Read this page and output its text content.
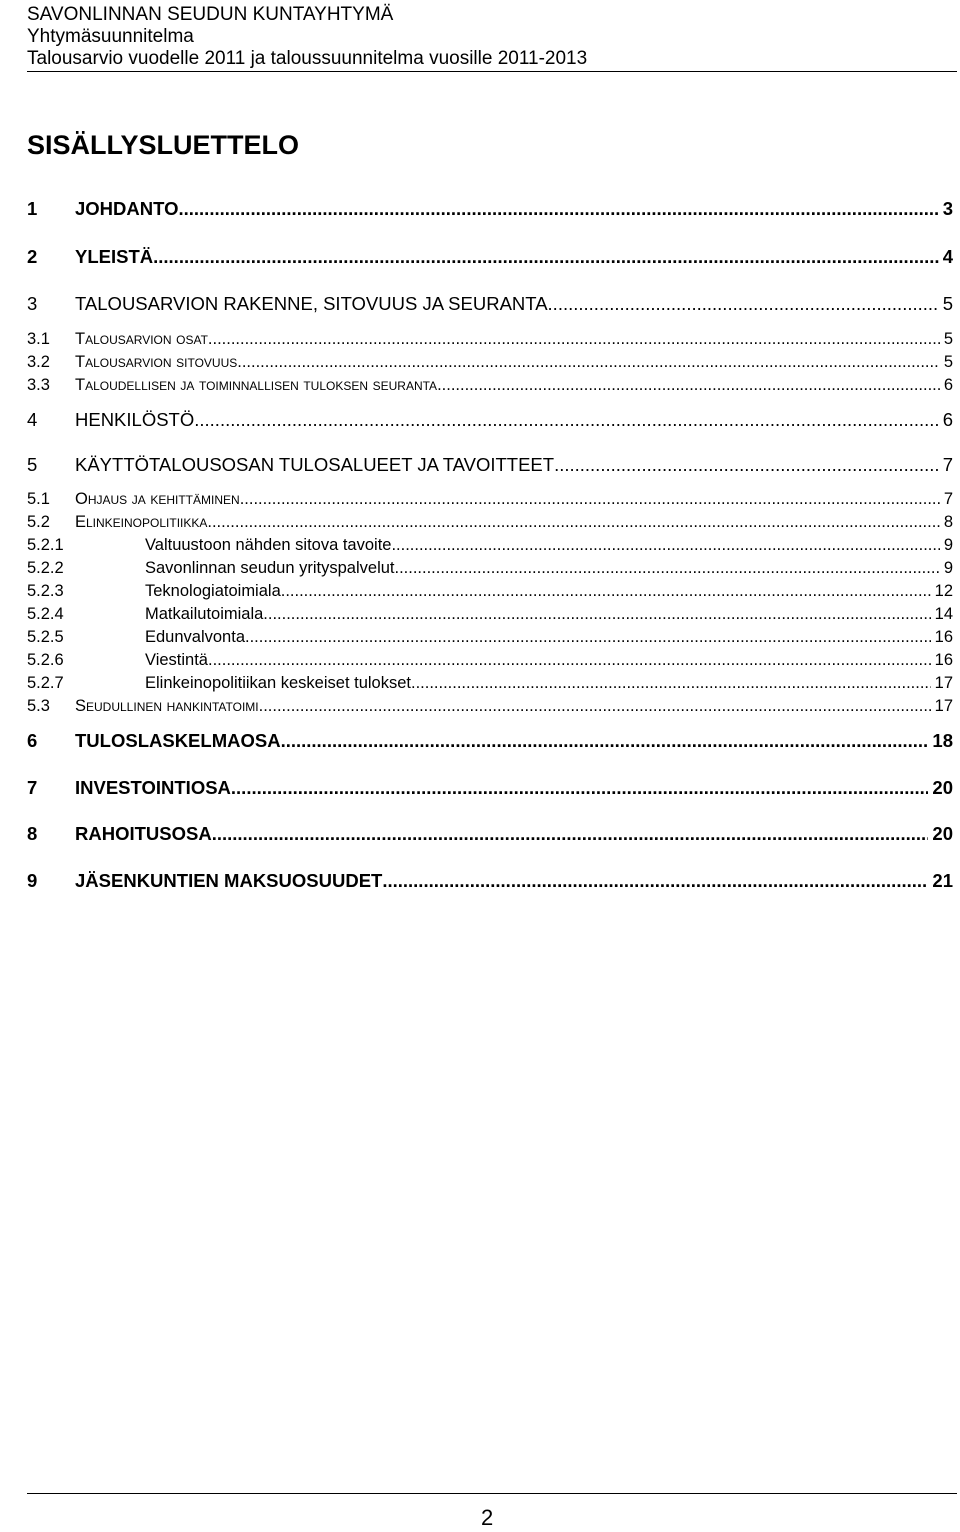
SAVONLINNAN SEUDUN KUNTAYHTYMÄ
Yhtymäsuunnitelma
Talousarvio vuodelle 2011 ja taloussuunnitelma vuosille 2011-2013
SISÄLLYSLUETTELO
1	JOHDANTO .....	3
2	YLEISTÄ .....	4
3	TALOUSARVION RAKENNE, SITOVUUS JA SEURANTA .....	5
3.1	Talousarvion osat .....	5
3.2	Talousarvion sitovuus .....	5
3.3	Taloudellisen ja toiminnallisen tuloksen seuranta .....	6
4	HENKILÖSTÖ .....	6
5	KÄYTTÖTALOUSOSAN TULOSALUEET JA TAVOITTEET .....	7
5.1	Ohjaus ja kehittäminen .....	7
5.2	Elinkeinopolitiikka .....	8
5.2.1	Valtuustoon nähden sitova tavoite .....	9
5.2.2	Savonlinnan seudun yrityspalvelut .....	9
5.2.3	Teknologiatoimiala .....	12
5.2.4	Matkailutoimiala .....	14
5.2.5	Edunvalvonta .....	16
5.2.6	Viestintä .....	16
5.2.7	Elinkeinopolitiikan keskeiset tulokset .....	17
5.3	Seudullinen hankintatoimi .....	17
6	TULOSLASKELMAOSA .....	18
7	INVESTOINTIOSA .....	20
8	RAHOITUSOSA .....	20
9	JÄSENKUNTIEN MAKSUOSUUDET .....	21
2
